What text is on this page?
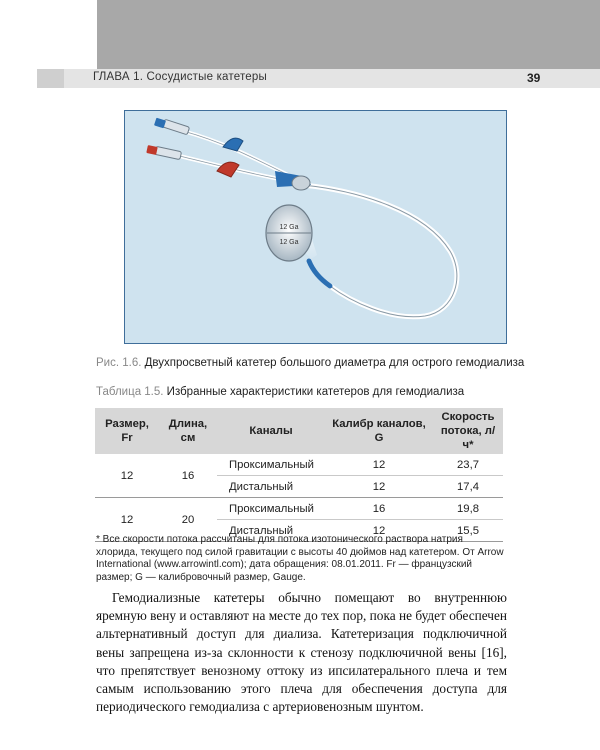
ГЛАВА 1. Сосудистые катетеры	39
12 Ga
12 Ga
Рис. 1.6. Двухпросветный катетер большого диаметра для острого гемодиализа
Таблица 1.5. Избранные характеристики катетеров для гемодиализа
Размер, Fr	Длина, см	Каналы	Калибр каналов, G	Скорость потока, л/ч*
12	16	Проксимальный	12	23,7
		Дистальный	12	17,4
12	20	Проксимальный	16	19,8
		Дистальный	12	15,5
* Все скорости потока рассчитаны для потока изотонического раствора натрия хлорида, текущего под силой гравитации с высоты 40 дюймов над катетером. От Arrow International (www.arrowintl.com); дата обращения: 08.01.2011. Fr — французский размер; G — калибровочный размер, Gauge.
Гемодиализные катетеры обычно помещают во внутреннюю яремную вену и оставляют на месте до тех пор, пока не будет обеспечен альтернативный доступ для диализа. Катетеризация подключичной вены запрещена из-за склонности к стенозу подключичной вены [16], что препятствует венозному оттоку из ипсилатерального плеча и тем самым использованию этого плеча для обеспечения доступа для периодического гемодиализа с артериовенозным шунтом.
